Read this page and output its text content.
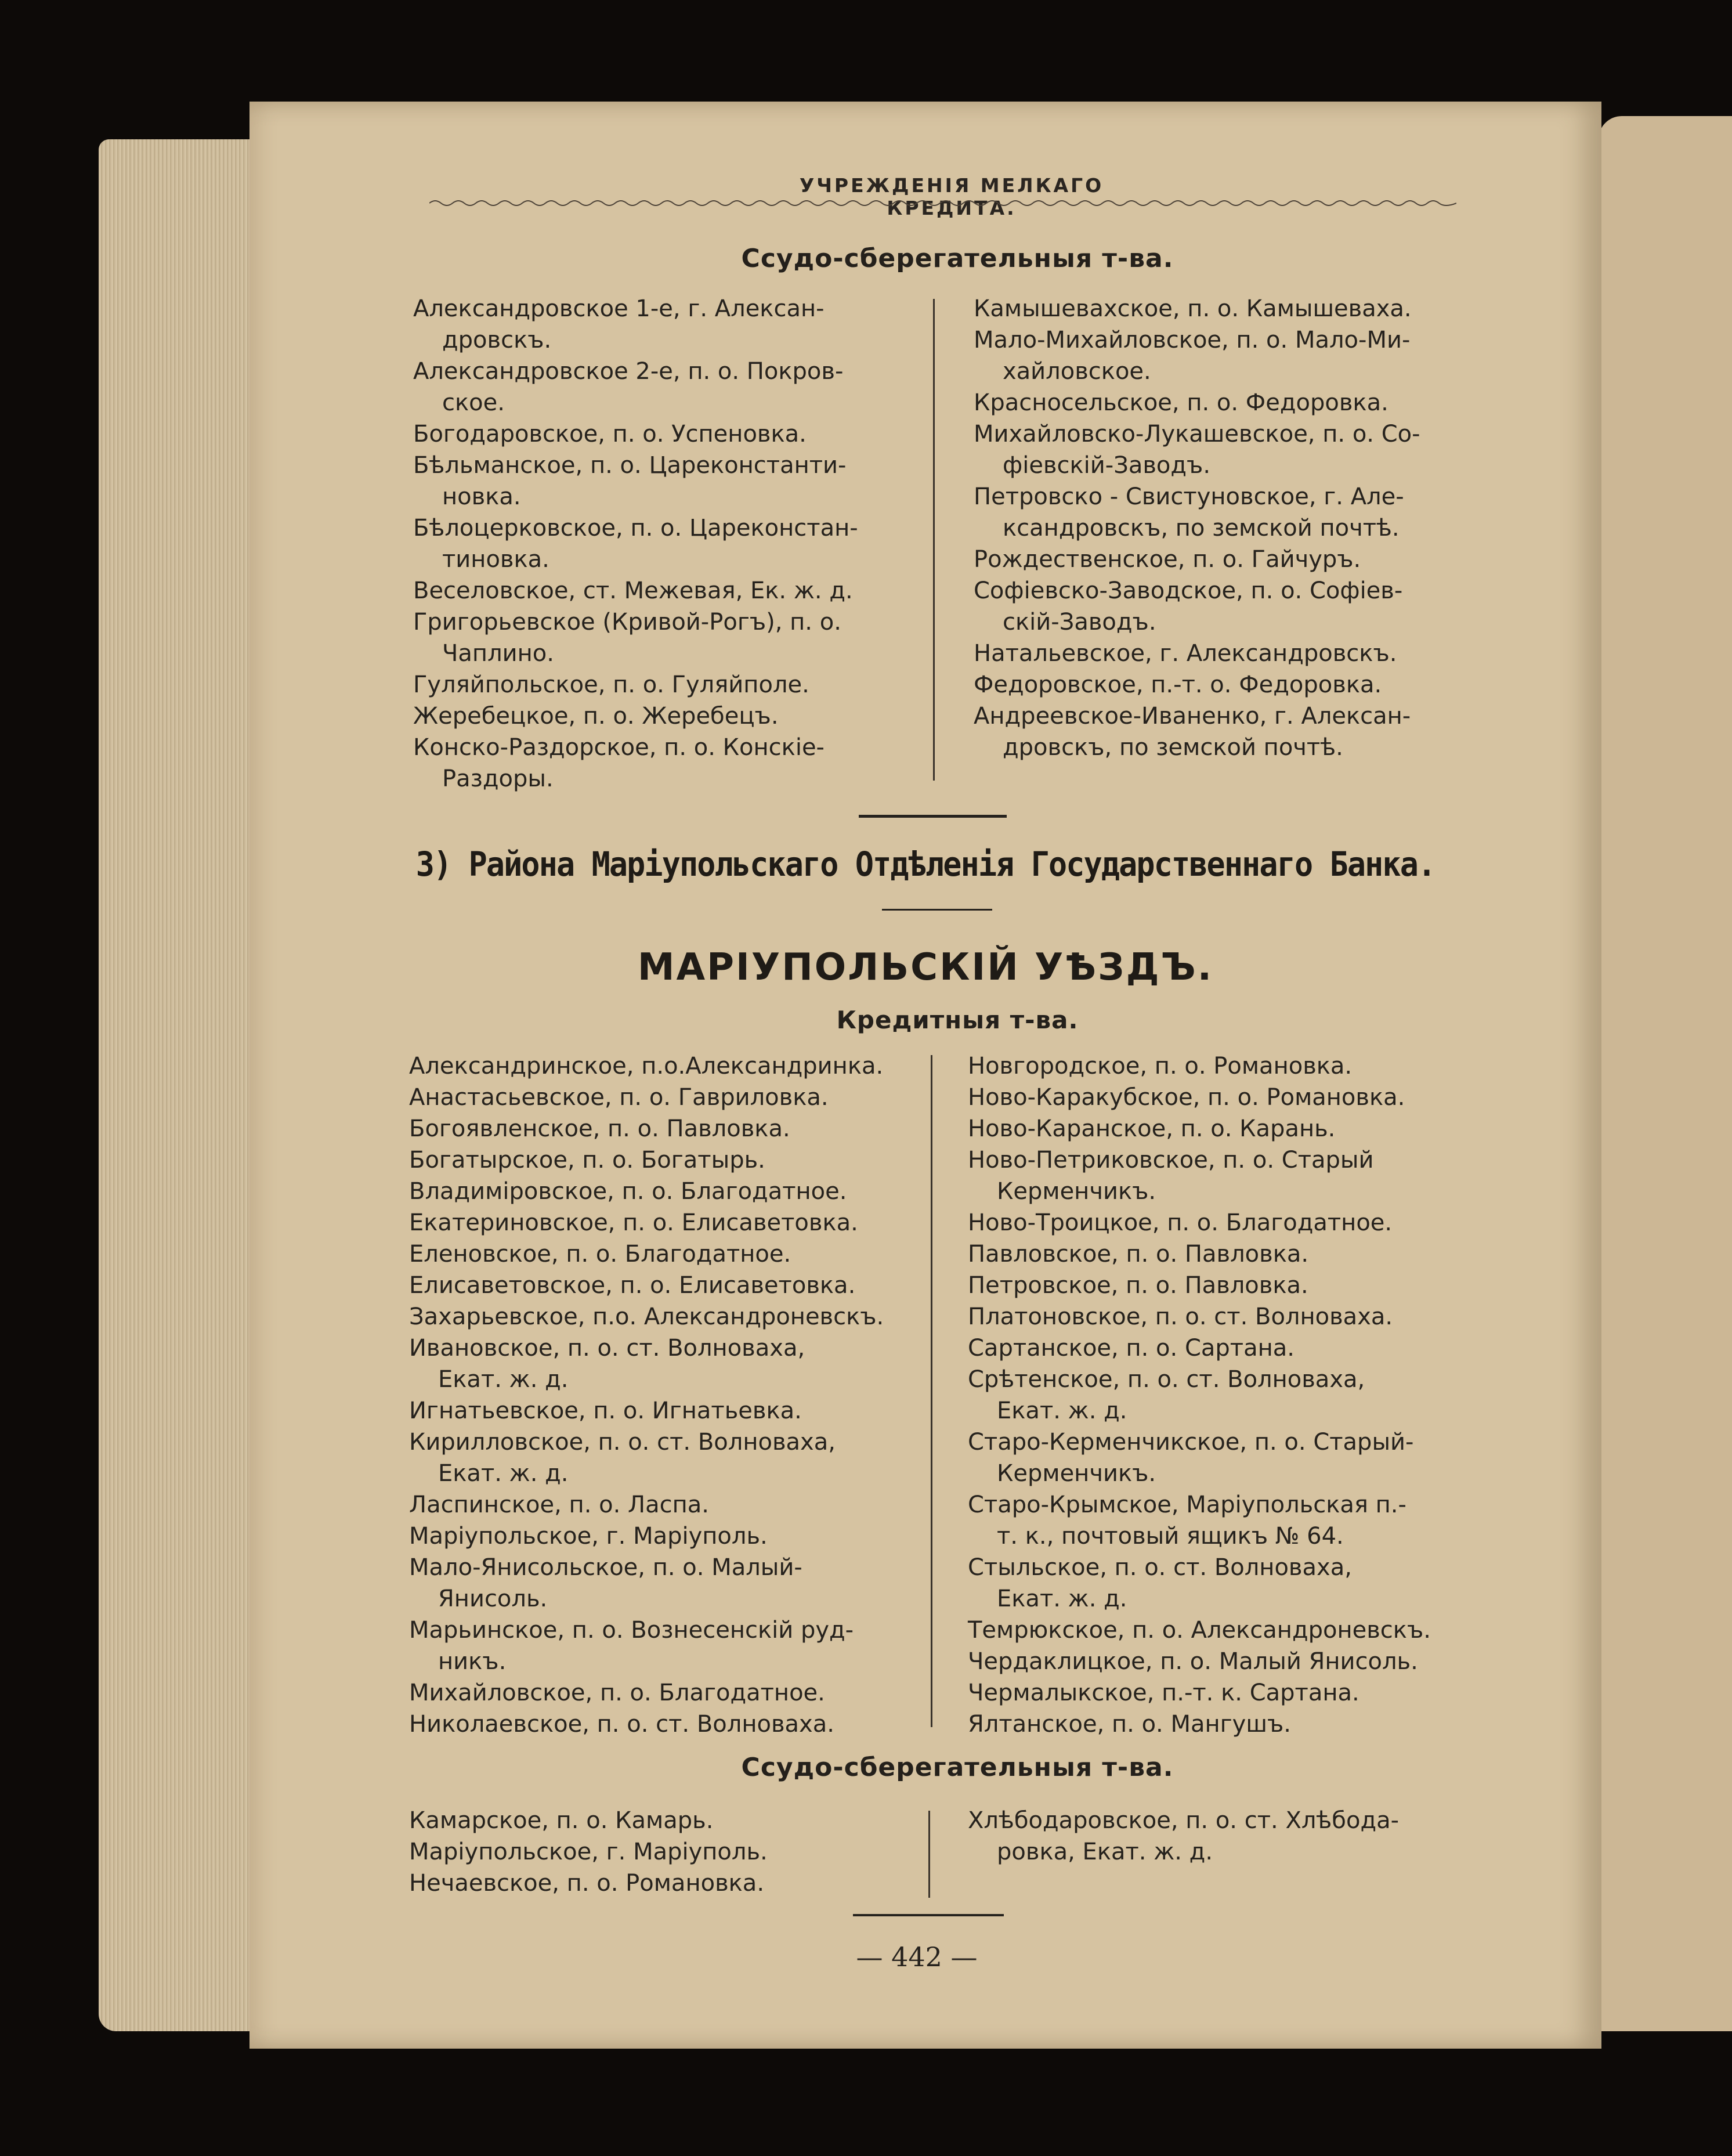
УЧРЕЖДЕНІЯ МЕЛКАГО КРЕДИТА.
Ссудо-сберегательныя т-ва.
Александровское 1-е, г. Алексан-
дровскъ.
Александровское 2-е, п. о. Покров-
ское.
Богодаровское, п. о. Успеновка.
Бѣльманское, п. о. Цареконстанти-
новка.
Бѣлоцерковское, п. о. Цареконстан-
тиновка.
Веселовское, ст. Межевая, Ек. ж. д.
Григорьевское (Кривой-Рогъ), п. о.
Чаплино.
Гуляйпольское, п. о. Гуляйполе.
Жеребецкое, п. о. Жеребецъ.
Конско-Раздорское, п. о. Конскіе-
Раздоры.
Камышевахское, п. о. Камышеваха.
Мало-Михайловское, п. о. Мало-Ми-
хайловское.
Красносельское, п. о. Федоровка.
Михайловско-Лукашевское, п. о. Со-
фіевскій-Заводъ.
Петровско - Свистуновское, г. Але-
ксандровскъ, по земской почтѣ.
Рождественское, п. о. Гайчуръ.
Софіевско-Заводское, п. о. Софіев-
скій-Заводъ.
Натальевское, г. Александровскъ.
Федоровское, п.-т. о. Федоровка.
Андреевское-Иваненко, г. Алексан-
дровскъ, по земской почтѣ.
3) Района Маріупольскаго Отдѣленія Государственнаго Банка.
МАРІУПОЛЬСКІЙ УѢЗДЪ.
Кредитныя т-ва.
Александринское, п.о.Александринка.
Анастасьевское, п. о. Гавриловка.
Богоявленское, п. о. Павловка.
Богатырское, п. о. Богатырь.
Владиміровское, п. о. Благодатное.
Екатериновское, п. о. Елисаветовка.
Еленовское, п. о. Благодатное.
Елисаветовское, п. о. Елисаветовка.
Захарьевское, п.о. Александроневскъ.
Ивановское, п. о. ст. Волноваха,
Екат. ж. д.
Игнатьевское, п. о. Игнатьевка.
Кирилловское, п. о. ст. Волноваха,
Екат. ж. д.
Ласпинское, п. о. Ласпа.
Маріупольское, г. Маріуполь.
Мало-Янисольское, п. о. Малый-
Янисоль.
Марьинское, п. о. Вознесенскій руд-
никъ.
Михайловское, п. о. Благодатное.
Николаевское, п. о. ст. Волноваха.
Новгородское, п. о. Романовка.
Ново-Каракубское, п. о. Романовка.
Ново-Каранское, п. о. Карань.
Ново-Петриковское, п. о. Старый
Керменчикъ.
Ново-Троицкое, п. о. Благодатное.
Павловское, п. о. Павловка.
Петровское, п. о. Павловка.
Платоновское, п. о. ст. Волноваха.
Сартанское, п. о. Сартана.
Срѣтенское, п. о. ст. Волноваха,
Екат. ж. д.
Старо-Керменчикское, п. о. Старый-
Керменчикъ.
Старо-Крымское, Маріупольская п.-
т. к., почтовый ящикъ № 64.
Стыльское, п. о. ст. Волноваха,
Екат. ж. д.
Темрюкское, п. о. Александроневскъ.
Чердаклицкое, п. о. Малый Янисоль.
Чермалыкское, п.-т. к. Сартана.
Ялтанское, п. о. Мангушъ.
Ссудо-сберегательныя т-ва.
Камарское, п. о. Камарь.
Маріупольское, г. Маріуполь.
Нечаевское, п. о. Романовка.
Хлѣбодаровское, п. о. ст. Хлѣбода-
ровка, Екат. ж. д.
— 442 —
